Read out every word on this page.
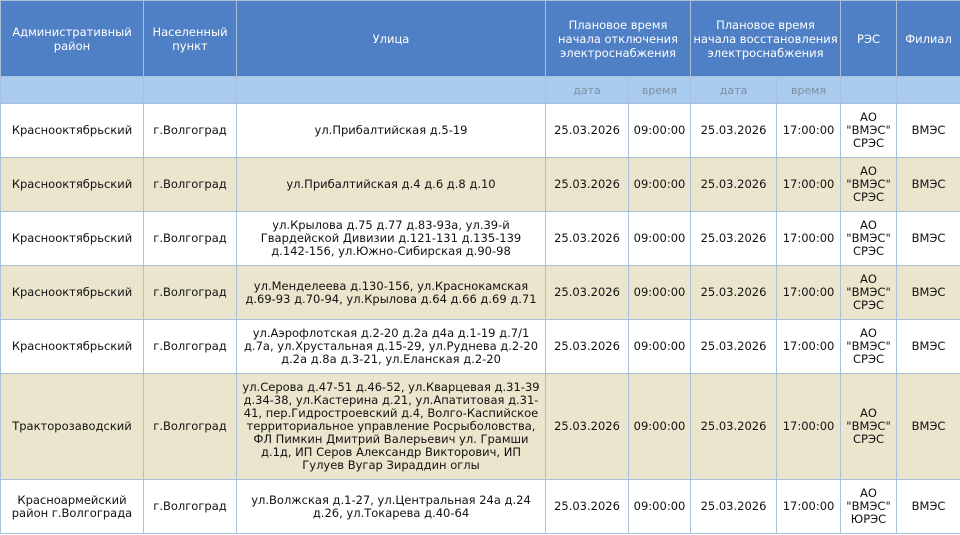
Административный район	Населенный пункт	Улица	Плановое время начала отключения электроснабжения		Плановое время начала восстановления электроснабжения		РЭС	Филиал
			дата	время	дата	время		
Краснооктябрьский	г.Волгоград	ул.Прибалтийская д.5-19	25.03.2026	09:00:00	25.03.2026	17:00:00	АО "ВМЭС" СРЭС	ВМЭС
Краснооктябрьский	г.Волгоград	ул.Прибалтийская д.4 д.6 д.8 д.10	25.03.2026	09:00:00	25.03.2026	17:00:00	АО "ВМЭС" СРЭС	ВМЭС
Краснооктябрьский	г.Волгоград	ул.Крылова д.75 д.77 д.83-93а, ул.39-й Гвардейской Дивизии д.121-131 д.135-139 д.142-156, ул.Южно-Сибирская д.90-98	25.03.2026	09:00:00	25.03.2026	17:00:00	АО "ВМЭС" СРЭС	ВМЭС
Краснооктябрьский	г.Волгоград	ул.Менделеева д.130-156, ул.Краснокамская д.69-93 д.70-94, ул.Крылова д.64 д.66 д.69 д.71	25.03.2026	09:00:00	25.03.2026	17:00:00	АО "ВМЭС" СРЭС	ВМЭС
Краснооктябрьский	г.Волгоград	ул.Аэрофлотская д.2-20 д.2а д4а д.1-19 д.7/1 д.7а, ул.Хрустальная д.15-29, ул.Руднева д.2-20 д.2а д.8а д.3-21, ул.Еланская д.2-20	25.03.2026	09:00:00	25.03.2026	17:00:00	АО "ВМЭС" СРЭС	ВМЭС
Тракторозаводский	г.Волгоград	ул.Серова д.47-51 д.46-52, ул.Кварцевая д.31-39 д.34-38, ул.Кастерина д.21, ул.Апатитовая д.31-41, пер.Гидростроевский д.4, Волго-Каспийское территориальное управление Росрыболовства, ФЛ Пимкин Дмитрий Валерьевич ул. Грамши д.1д, ИП Серов Александр Викторович, ИП Гулуев Вугар Зираддин оглы	25.03.2026	09:00:00	25.03.2026	17:00:00	АО "ВМЭС" СРЭС	ВМЭС
Красноармейский район г.Волгограда	г.Волгоград	ул.Волжская д.1-27, ул.Центральная 24а д.24 д.26, ул.Токарева д.40-64	25.03.2026	09:00:00	25.03.2026	17:00:00	АО "ВМЭС" ЮРЭС	ВМЭС
